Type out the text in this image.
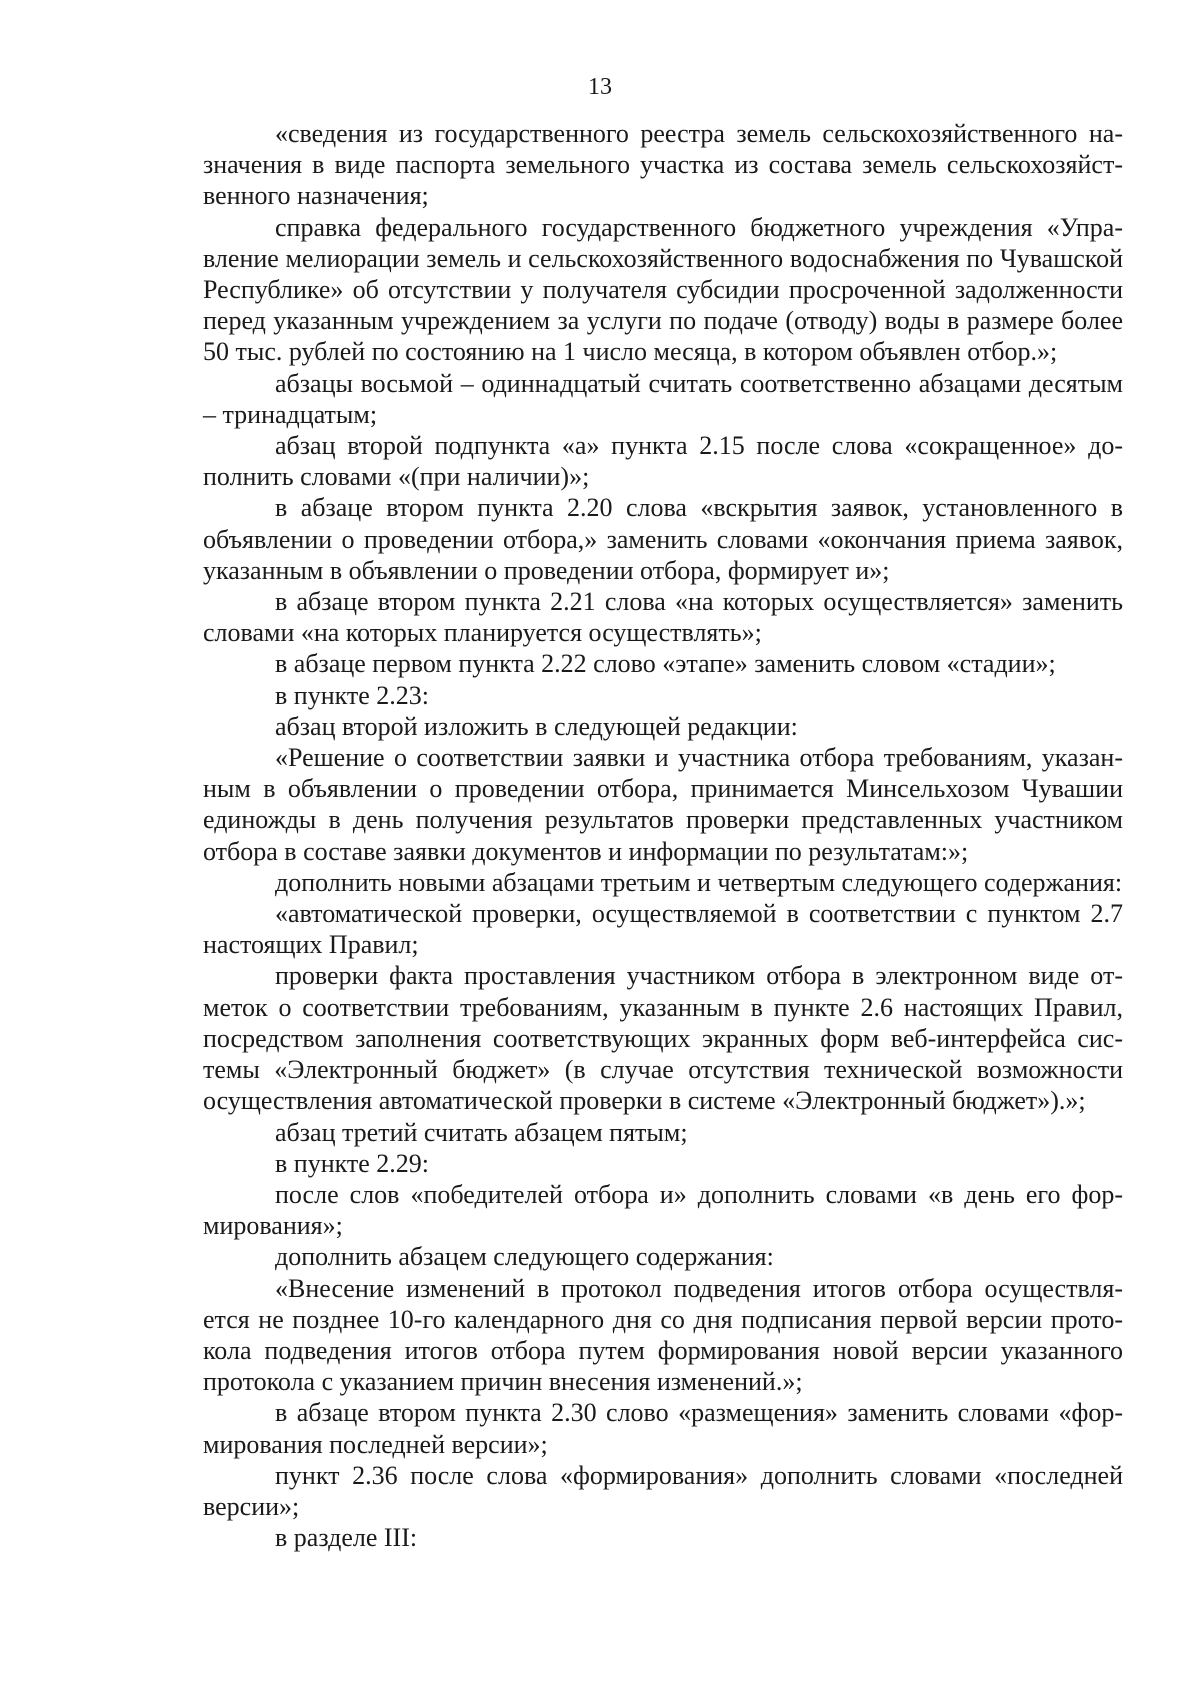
13

«сведения из государственного реестра земель сельскохозяйственного назначения в виде паспорта земельного участка из состава земель сельскохозяйственного назначения;

справка федерального государственного бюджетного учреждения «Управление мелиорации земель и сельскохозяйственного водоснабжения по Чувашской Республике» об отсутствии у получателя субсидии просроченной задолженности перед указанным учреждением за услуги по подаче (отводу) воды в размере более 50 тыс. рублей по состоянию на 1 число месяца, в котором объявлен отбор.»;

абзацы восьмой – одиннадцатый считать соответственно абзацами десятым – тринадцатым;

абзац второй подпункта «а» пункта 2.15 после слова «сокращенное» дополнить словами «(при наличии)»;

в абзаце втором пункта 2.20 слова «вскрытия заявок, установленного в объявлении о проведении отбора,» заменить словами «окончания приема заявок, указанным в объявлении о проведении отбора, формирует и»;

в абзаце втором пункта 2.21 слова «на которых осуществляется» заменить словами «на которых планируется осуществлять»;

в абзаце первом пункта 2.22 слово «этапе» заменить словом «стадии»;

в пункте 2.23:

абзац второй изложить в следующей редакции:

«Решение о соответствии заявки и участника отбора требованиям, указанным в объявлении о проведении отбора, принимается Минсельхозом Чувашии единожды в день получения результатов проверки представленных участником отбора в составе заявки документов и информации по результатам:»;

дополнить новыми абзацами третьим и четвертым следующего содержания:

«автоматической проверки, осуществляемой в соответствии с пунктом 2.7 настоящих Правил;

проверки факта проставления участником отбора в электронном виде отметок о соответствии требованиям, указанным в пункте 2.6 настоящих Правил, посредством заполнения соответствующих экранных форм веб-интерфейса системы «Электронный бюджет» (в случае отсутствия технической возможности осуществления автоматической проверки в системе «Электронный бюджет»).»;

абзац третий считать абзацем пятым;

в пункте 2.29:

после слов «победителей отбора и» дополнить словами «в день его формирования»;

дополнить абзацем следующего содержания:

«Внесение изменений в протокол подведения итогов отбора осуществляется не позднее 10-го календарного дня со дня подписания первой версии протокола подведения итогов отбора путем формирования новой версии указанного протокола с указанием причин внесения изменений.»;

в абзаце втором пункта 2.30 слово «размещения» заменить словами «формирования последней версии»;

пункт 2.36 после слова «формирования» дополнить словами «последней версии»;

в разделе III:
